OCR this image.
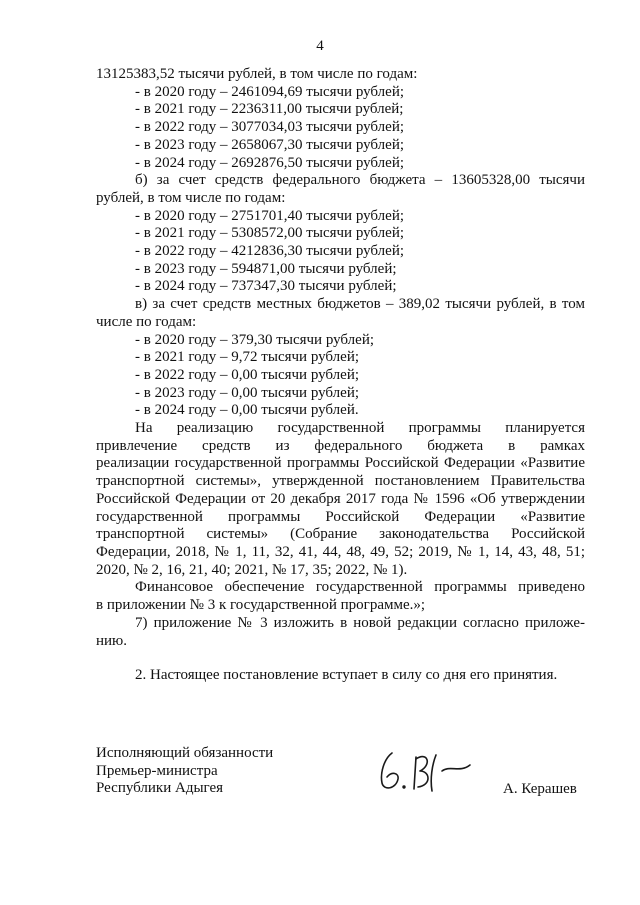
4
13125383,52 тысячи рублей, в том числе по годам:
- в 2020 году – 2461094,69 тысячи рублей;
- в 2021 году – 2236311,00 тысячи рублей;
- в 2022 году – 3077034,03 тысячи рублей;
- в 2023 году – 2658067,30 тысячи рублей;
- в 2024 году – 2692876,50 тысячи рублей;
б) за счет средств федерального бюджета – 13605328,00 тысячи
рублей, в том числе по годам:
- в 2020 году – 2751701,40 тысячи рублей;
- в 2021 году – 5308572,00 тысячи рублей;
- в 2022 году – 4212836,30 тысячи рублей;
- в 2023 году – 594871,00 тысячи рублей;
- в 2024 году – 737347,30 тысячи рублей;
в) за счет средств местных бюджетов – 389,02 тысячи рублей, в том
числе по годам:
- в 2020 году – 379,30 тысячи рублей;
- в 2021 году – 9,72 тысячи рублей;
- в 2022 году – 0,00 тысячи рублей;
- в 2023 году – 0,00 тысячи рублей;
- в 2024 году – 0,00 тысячи рублей.
На реализацию государственной программы планируется
привлечение средств из федерального бюджета в рамках
реализации государственной программы Российской Федерации «Развитие
транспортной системы», утвержденной постановлением Правительства
Российской Федерации от 20 декабря 2017 года № 1596 «Об утверждении
государственной программы Российской Федерации «Развитие
транспортной системы» (Собрание законодательства Российской
Федерации, 2018, № 1, 11, 32, 41, 44, 48, 49, 52; 2019, № 1, 14, 43, 48, 51;
2020, № 2, 16, 21, 40; 2021, № 17, 35; 2022, № 1).
Финансовое обеспечение государственной программы приведено
в приложении № 3 к государственной программе.»;
7) приложение № 3 изложить в новой редакции согласно приложе-
нию.
2. Настоящее постановление вступает в силу со дня его принятия.
Исполняющий обязанности
Премьер-министра
Республики Адыгея	А. Керашев
